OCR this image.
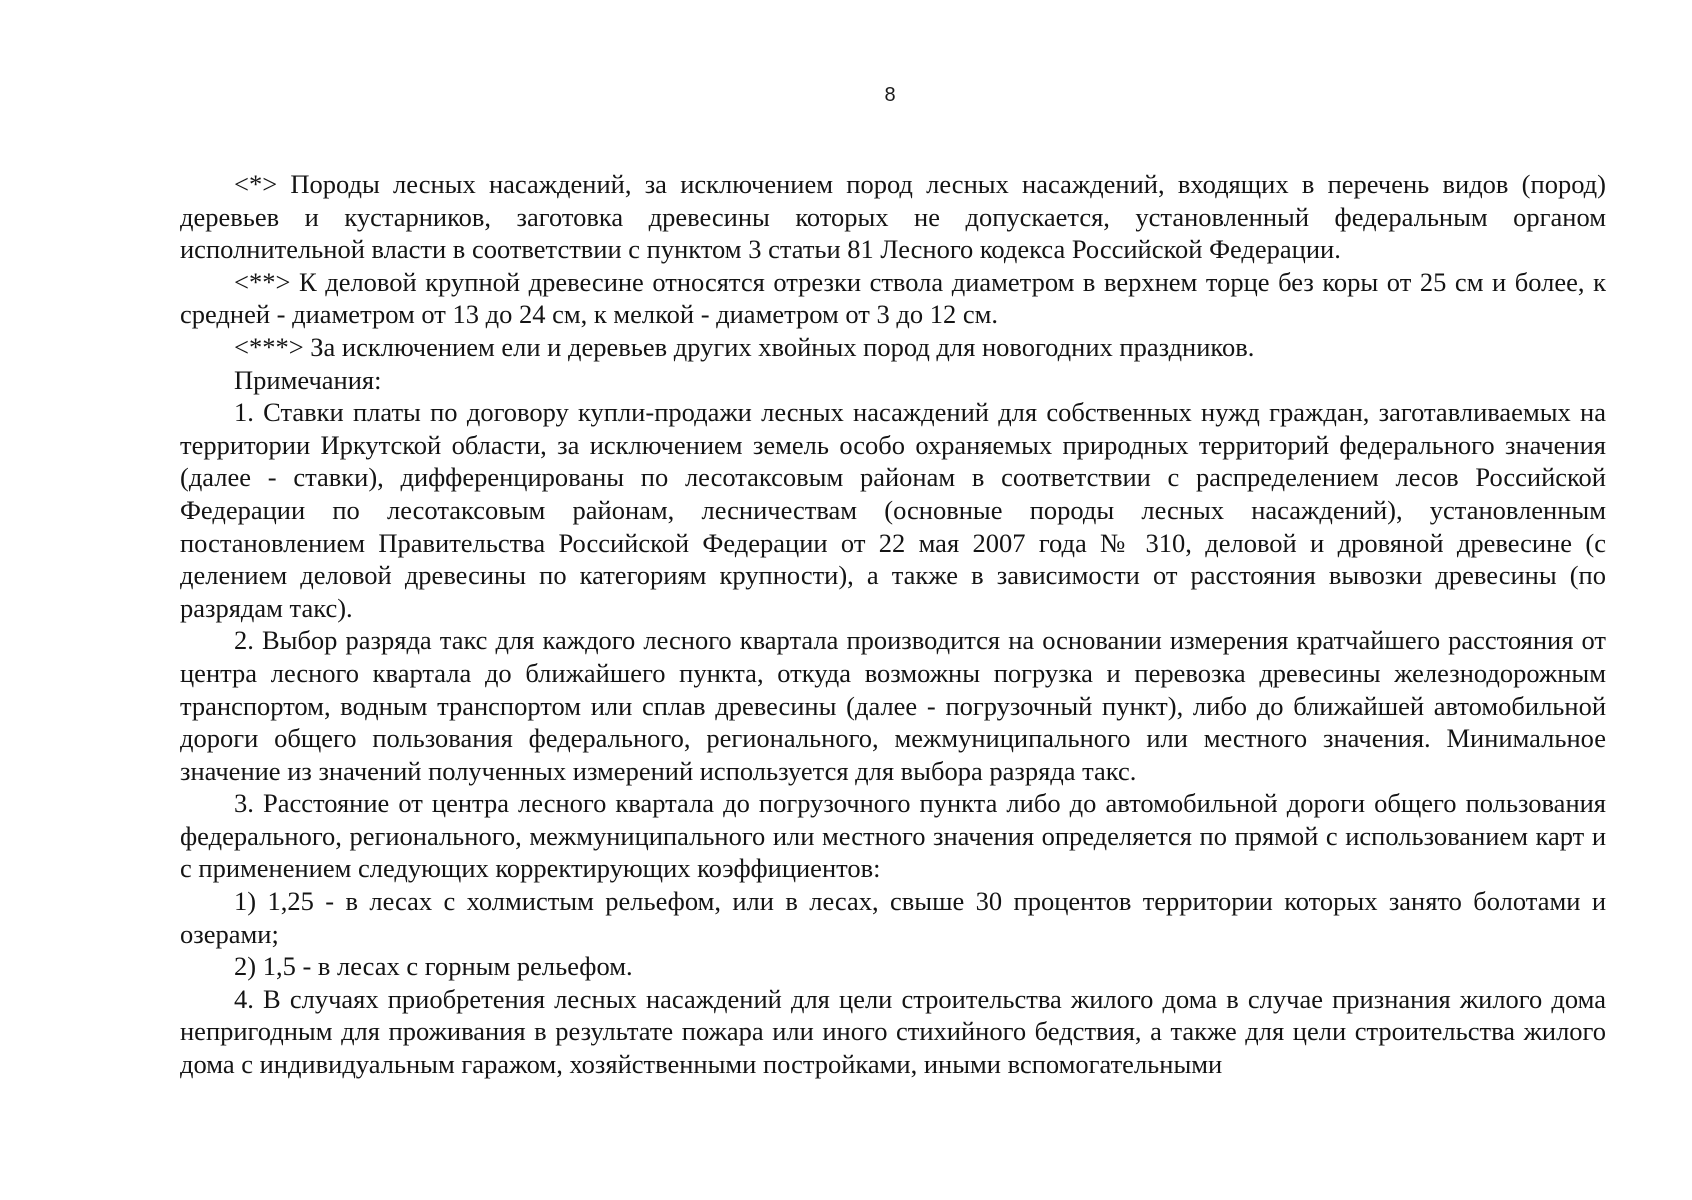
8

<*> Породы лесных насаждений, за исключением пород лесных насаждений, входящих в перечень видов (пород) деревьев и кустарников, заготовка древесины которых не допускается, установленный федеральным органом исполнительной власти в соответствии с пунктом 3 статьи 81 Лесного кодекса Российской Федерации.

<**> К деловой крупной древесине относятся отрезки ствола диаметром в верхнем торце без коры от 25 см и более, к средней - диаметром от 13 до 24 см, к мелкой - диаметром от 3 до 12 см.

<***> За исключением ели и деревьев других хвойных пород для новогодних праздников.

Примечания:

1. Ставки платы по договору купли-продажи лесных насаждений для собственных нужд граждан, заготавливаемых на территории Иркутской области, за исключением земель особо охраняемых природных территорий федерального значения (далее - ставки), дифференцированы по лесотаксовым районам в соответствии с распределением лесов Российской Федерации по лесотаксовым районам, лесничествам (основные породы лесных насаждений), установленным постановлением Правительства Российской Федерации от 22 мая 2007 года № 310, деловой и дровяной древесине (с делением деловой древесины по категориям крупности), а также в зависимости от расстояния вывозки древесины (по разрядам такс).

2. Выбор разряда такс для каждого лесного квартала производится на основании измерения кратчайшего расстояния от центра лесного квартала до ближайшего пункта, откуда возможны погрузка и перевозка древесины железнодорожным транспортом, водным транспортом или сплав древесины (далее - погрузочный пункт), либо до ближайшей автомобильной дороги общего пользования федерального, регионального, межмуниципального или местного значения. Минимальное значение из значений полученных измерений используется для выбора разряда такс.

3. Расстояние от центра лесного квартала до погрузочного пункта либо до автомобильной дороги общего пользования федерального, регионального, межмуниципального или местного значения определяется по прямой с использованием карт и с применением следующих корректирующих коэффициентов:

1) 1,25 - в лесах с холмистым рельефом, или в лесах, свыше 30 процентов территории которых занято болотами и озерами;

2) 1,5 - в лесах с горным рельефом.

4. В случаях приобретения лесных насаждений для цели строительства жилого дома в случае признания жилого дома непригодным для проживания в результате пожара или иного стихийного бедствия, а также для цели строительства жилого дома с индивидуальным гаражом, хозяйственными постройками, иными вспомогательными
